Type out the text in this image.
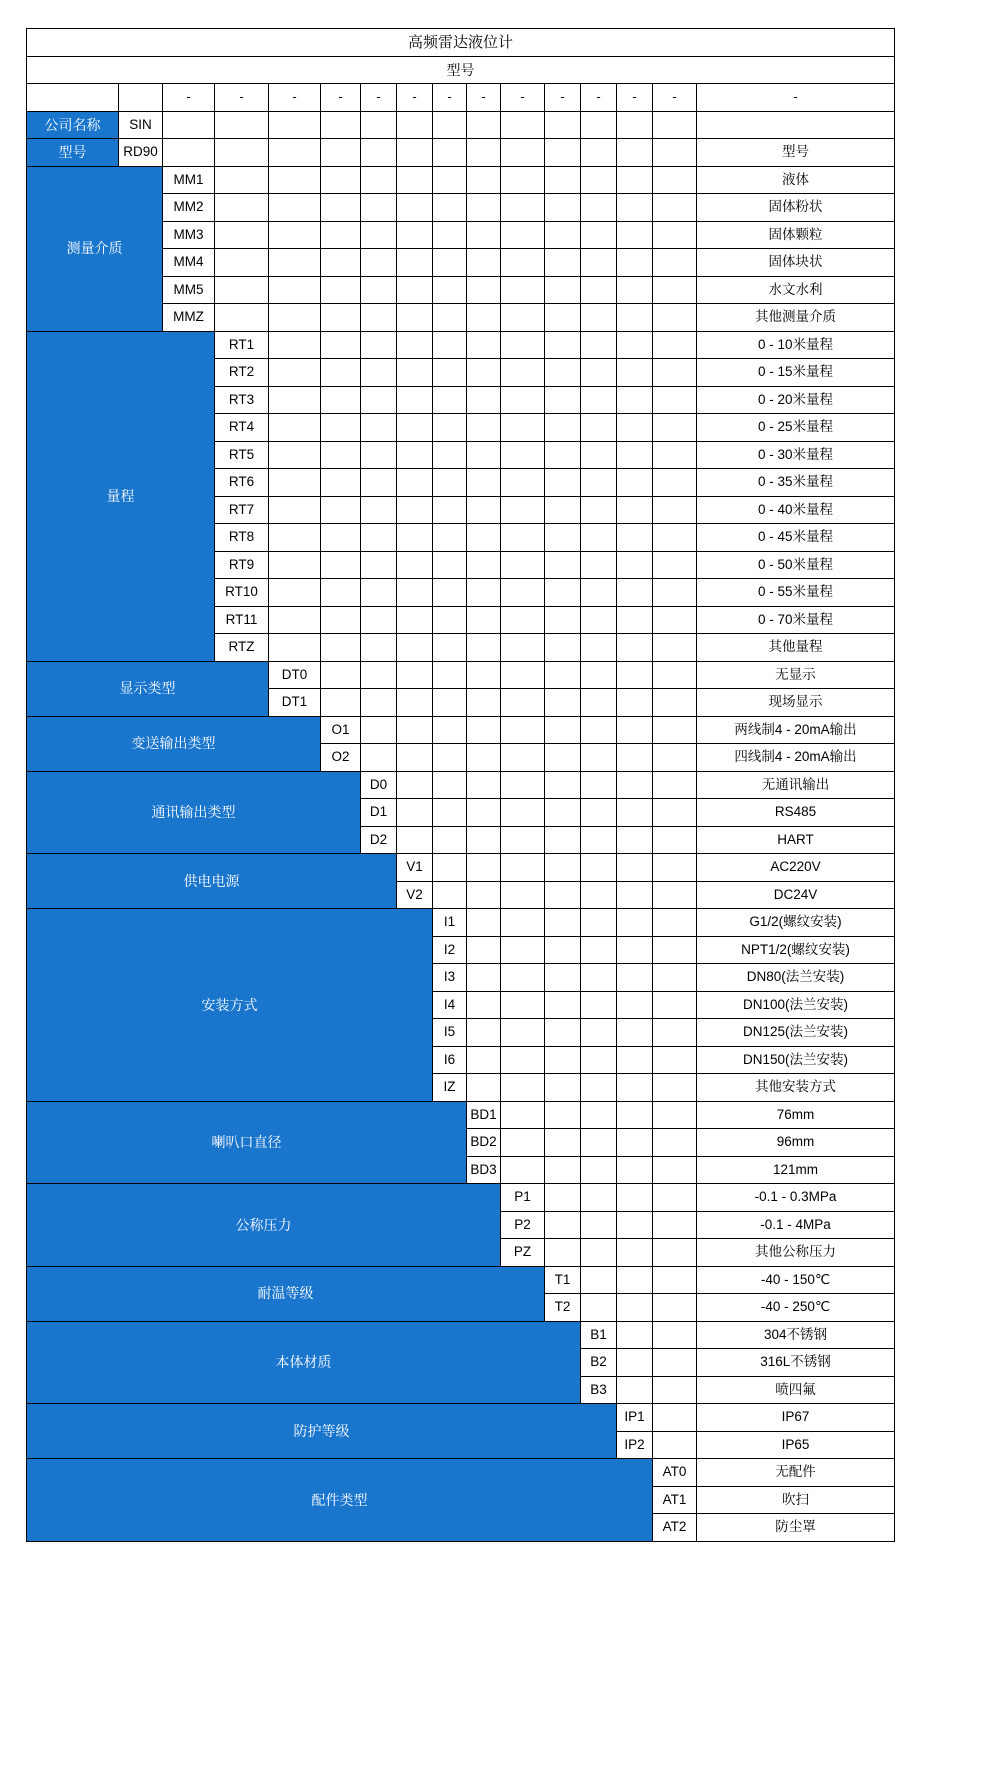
高频雷达液位计																
型号	
		-	-	-	-	-	-	-	-	-	-	-	-	-	-	
公司名称	SIN															
型号	RD90														型号	
测量介质		MM1													液体	
		MM2													固体粉状	
		MM3													固体颗粒	
		MM4													固体块状	
		MM5													水文水利	
		MMZ													其他测量介质	
量程			RT1												0 - 10米量程	
			RT2												0 - 15米量程	
			RT3												0 - 20米量程	
			RT4												0 - 25米量程	
			RT5												0 - 30米量程	
			RT6												0 - 35米量程	
			RT7												0 - 40米量程	
			RT8												0 - 45米量程	
			RT9												0 - 50米量程	
			RT10												0 - 55米量程	
			RT11												0 - 70米量程	
			RTZ												其他量程	
显示类型				DT0											无显示	
				DT1											现场显示	
变送输出类型					O1										两线制4 - 20mA输出	
					O2										四线制4 - 20mA输出	
通讯输出类型						D0									无通讯输出	
						D1									RS485	
						D2									HART	
供电电源							V1								AC220V	
							V2								DC24V	
安装方式								I1							G1/2(螺纹安装)	
								I2							NPT1/2(螺纹安装)	
								I3							DN80(法兰安装)	
								I4							DN100(法兰安装)	
								I5							DN125(法兰安装)	
								I6							DN150(法兰安装)	
								IZ							其他安装方式	
喇叭口直径									BD1						76mm	
									BD2						96mm	
									BD3						121mm	
公称压力										P1					-0.1 - 0.3MPa	
										P2					-0.1 - 4MPa	
										PZ					其他公称压力	
耐温等级											T1				-40 - 150℃	
											T2				-40 - 250℃	
本体材质												B1			304不锈钢	
												B2			316L不锈钢	
												B3			喷四氟	
防护等级													IP1		IP67	
													IP2		IP65	
配件类型														AT0	无配件	
														AT1	吹扫	
														AT2	防尘罩	
